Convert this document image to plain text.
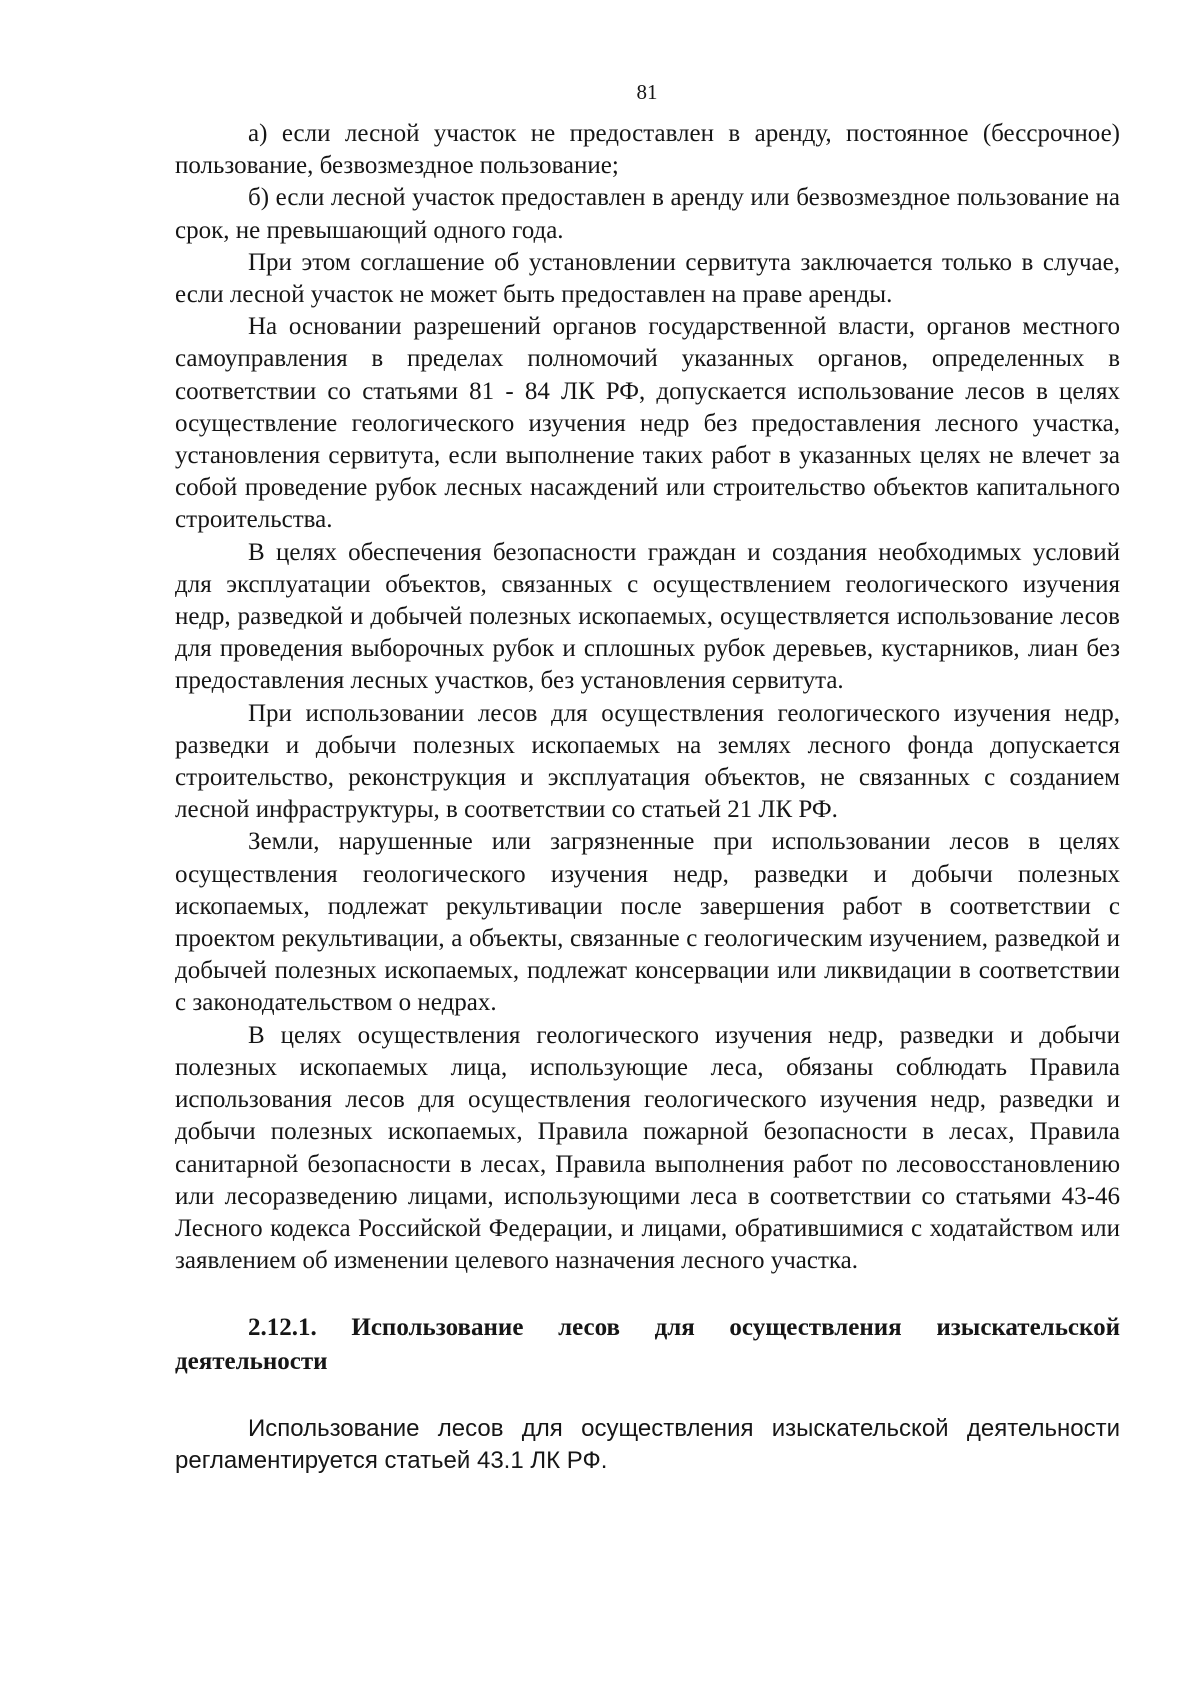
81

а) если лесной участок не предоставлен в аренду, постоянное (бессрочное) пользование, безвозмездное пользование;

б) если лесной участок предоставлен в аренду или безвозмездное пользование на срок, не превышающий одного года.

При этом соглашение об установлении сервитута заключается только в случае, если лесной участок не может быть предоставлен на праве аренды.

На основании разрешений органов государственной власти, органов местного самоуправления в пределах полномочий указанных органов, определенных в соответствии со статьями 81 - 84 ЛК РФ, допускается использование лесов в целях осуществление геологического изучения недр без предоставления лесного участка, установления сервитута, если выполнение таких работ в указанных целях не влечет за собой проведение рубок лесных насаждений или строительство объектов капитального строительства.

В целях обеспечения безопасности граждан и создания необходимых условий для эксплуатации объектов, связанных с осуществлением геологического изучения недр, разведкой и добычей полезных ископаемых, осуществляется использование лесов для проведения выборочных рубок и сплошных рубок деревьев, кустарников, лиан без предоставления лесных участков, без установления сервитута.

При использовании лесов для осуществления геологического изучения недр, разведки и добычи полезных ископаемых на землях лесного фонда допускается строительство, реконструкция и эксплуатация объектов, не связанных с созданием лесной инфраструктуры, в соответствии со статьей 21 ЛК РФ.

Земли, нарушенные или загрязненные при использовании лесов в целях осуществления геологического изучения недр, разведки и добычи полезных ископаемых, подлежат рекультивации после завершения работ в соответствии с проектом рекультивации, а объекты, связанные с геологическим изучением, разведкой и добычей полезных ископаемых, подлежат консервации или ликвидации в соответствии с законодательством о недрах.

В целях осуществления геологического изучения недр, разведки и добычи полезных ископаемых лица, использующие леса, обязаны соблюдать Правила использования лесов для осуществления геологического изучения недр, разведки и добычи полезных ископаемых, Правила пожарной безопасности в лесах, Правила санитарной безопасности в лесах, Правила выполнения работ по лесовосстановлению или лесоразведению лицами, использующими леса в соответствии со статьями 43-46 Лесного кодекса Российской Федерации, и лицами, обратившимися с ходатайством или заявлением об изменении целевого назначения лесного участка.

2.12.1. Использование лесов для осуществления изыскательской деятельности

Использование лесов для осуществления изыскательской деятельности регламентируется статьей 43.1 ЛК РФ.
